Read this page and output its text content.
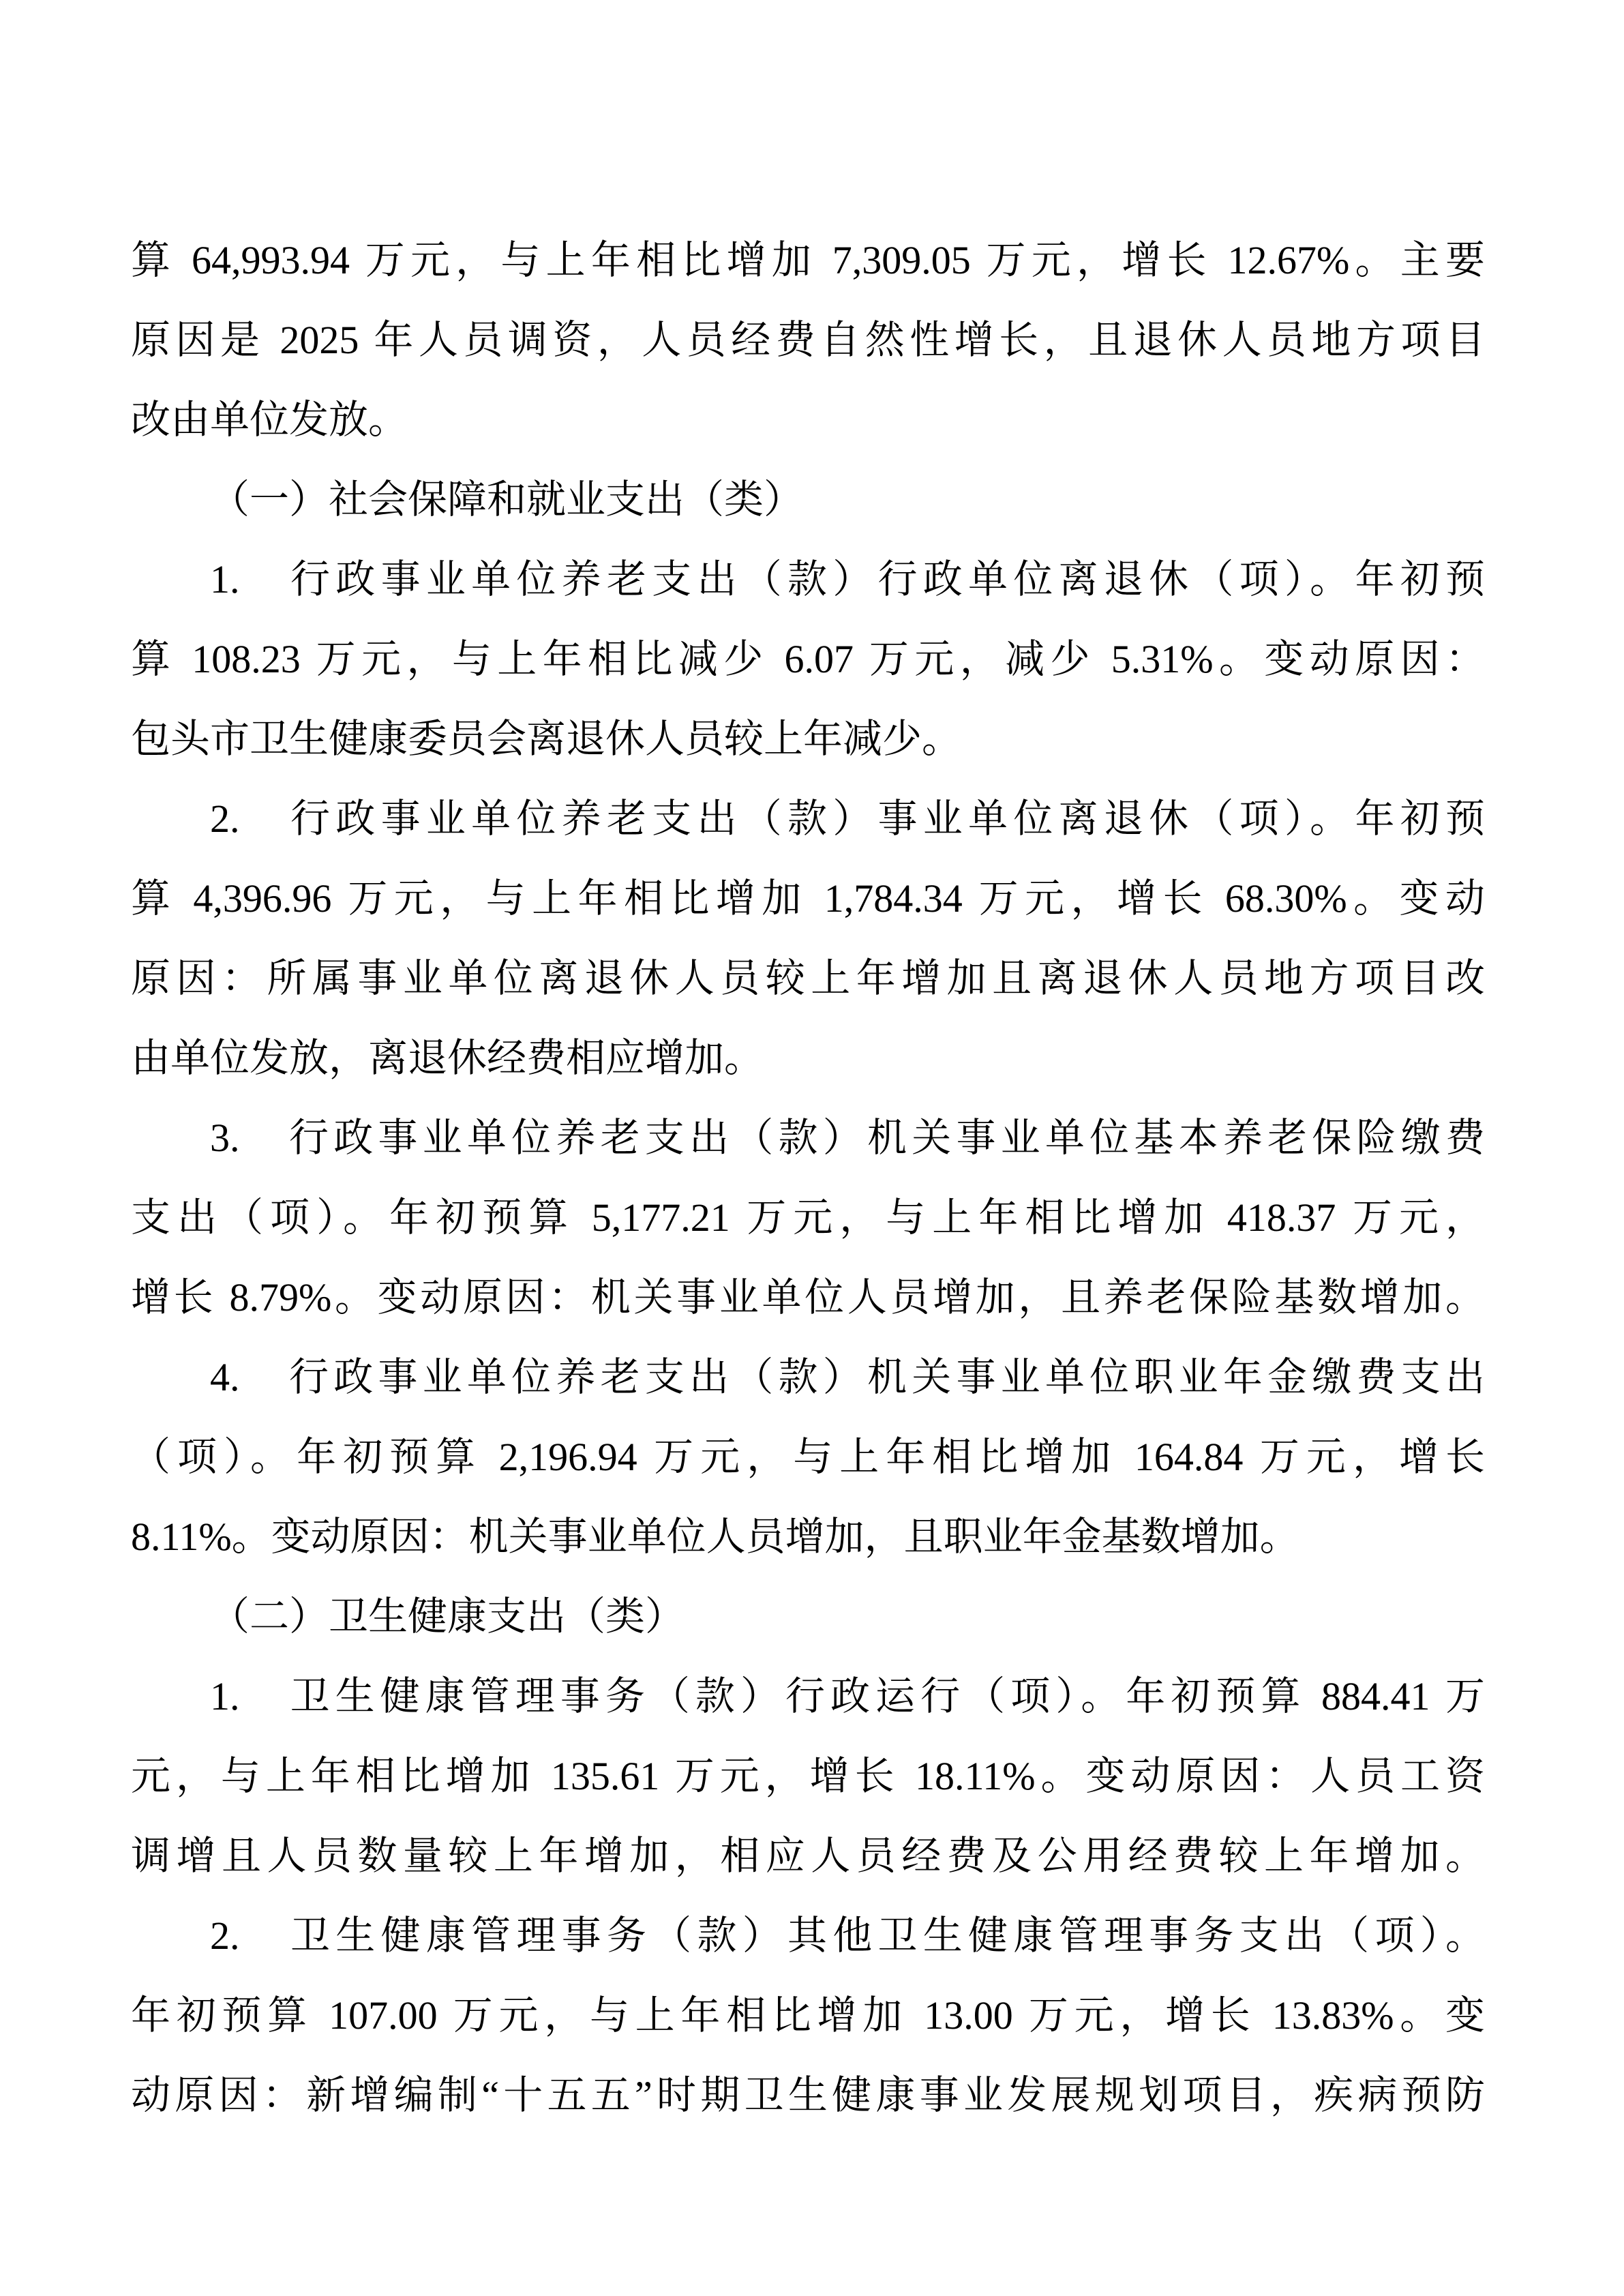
算 64,993.94 万元，与上年相比增加 7,309.05 万元，增长 12.67%。主要
原因是 2025 年人员调资，人员经费自然性增长，且退休人员地方项目
改由单位发放。
（一）社会保障和就业支出（类）
1.　行政事业单位养老支出（款）行政单位离退休（项）。年初预
算 108.23 万元，与上年相比减少 6.07 万元，减少 5.31%。变动原因：
包头市卫生健康委员会离退休人员较上年减少。
2.　行政事业单位养老支出（款）事业单位离退休（项）。年初预
算 4,396.96 万元，与上年相比增加 1,784.34 万元，增长 68.30%。变动
原因：所属事业单位离退休人员较上年增加且离退休人员地方项目改
由单位发放，离退休经费相应增加。
3.　行政事业单位养老支出（款）机关事业单位基本养老保险缴费
支出（项）。年初预算 5,177.21 万元，与上年相比增加 418.37 万元，
增长 8.79%。变动原因：机关事业单位人员增加，且养老保险基数增加。
4.　行政事业单位养老支出（款）机关事业单位职业年金缴费支出
（项）。年初预算 2,196.94 万元，与上年相比增加 164.84 万元，增长
8.11%。变动原因：机关事业单位人员增加，且职业年金基数增加。
（二）卫生健康支出（类）
1.　卫生健康管理事务（款）行政运行（项）。年初预算 884.41 万
元，与上年相比增加 135.61 万元，增长 18.11%。变动原因：人员工资
调增且人员数量较上年增加，相应人员经费及公用经费较上年增加。
2.　卫生健康管理事务（款）其他卫生健康管理事务支出（项）。
年初预算 107.00 万元，与上年相比增加 13.00 万元，增长 13.83%。变
动原因：新增编制“十五五”时期卫生健康事业发展规划项目，疾病预防
